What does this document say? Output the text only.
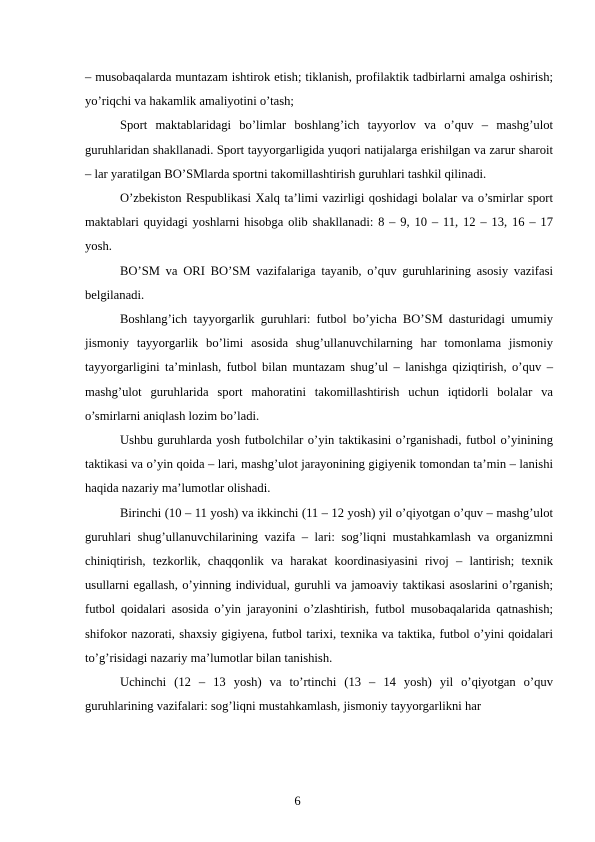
– musobaqalarda muntazam ishtirok etish; tiklanish, profilaktik tadbirlarni amalga oshirish; yo’riqchi va hakamlik amaliyotini o’tash;

Sport maktablaridagi bo’limlar boshlang’ich tayyorlov va o’quv – mashg’ulot guruhlaridan shakllanadi. Sport tayyorgarligida yuqori natijalarga erishilgan va zarur sharoit – lar yaratilgan BO’SMlarda sportni takomillashtirish guruhlari tashkil qilinadi.

O’zbekiston Respublikasi Xalq ta’limi vazirligi qoshidagi bolalar va o’smirlar sport maktablari quyidagi yoshlarni hisobga olib shakllanadi: 8 – 9, 10 – 11, 12 – 13, 16 – 17 yosh.

BO’SM va ORI BO’SM vazifalariga tayanib, o’quv guruhlarining asosiy vazifasi belgilanadi.

Boshlang’ich tayyorgarlik guruhlari: futbol bo’yicha BO’SM dasturidagi umumiy jismoniy tayyorgarlik bo’limi asosida shug’ullanuvchilarning har tomonlama jismoniy tayyorgarligini ta’minlash, futbol bilan muntazam shug’ul – lanishga qiziqtirish, o’quv – mashg’ulot guruhlarida sport mahoratini takomillashtirish uchun iqtidorli bolalar va o’smirlarni aniqlash lozim bo’ladi.

Ushbu guruhlarda yosh futbolchilar o’yin taktikasini o’rganishadi, futbol o’yinining taktikasi va o’yin qoida – lari, mashg’ulot jarayonining gigiyenik tomondan ta’min – lanishi haqida nazariy ma’lumotlar olishadi.

Birinchi (10 – 11 yosh) va ikkinchi (11 – 12 yosh) yil o’qiyotgan o’quv – mashg’ulot guruhlari shug’ullanuvchilarining vazifa – lari: sog’liqni mustahkamlash va organizmni chiniqtirish, tezkorlik, chaqqonlik va harakat koordinasiyasini rivoj – lantirish; texnik usullarni egallash, o’yinning individual, guruhli va jamoaviy taktikasi asoslarini o’rganish; futbol qoidalari asosida o’yin jarayonini o’zlashtirish, futbol musobaqalarida qatnashish; shifokor nazorati, shaxsiy gigiyena, futbol tarixi, texnika va taktika, futbol o’yini qoidalari to’g’risidagi nazariy ma’lumotlar bilan tanishish.

Uchinchi (12 – 13 yosh) va to’rtinchi (13 – 14 yosh) yil o’qiyotgan o’quv guruhlarining vazifalari: sog’liqni mustahkamlash, jismoniy tayyorgarlikni har

6
